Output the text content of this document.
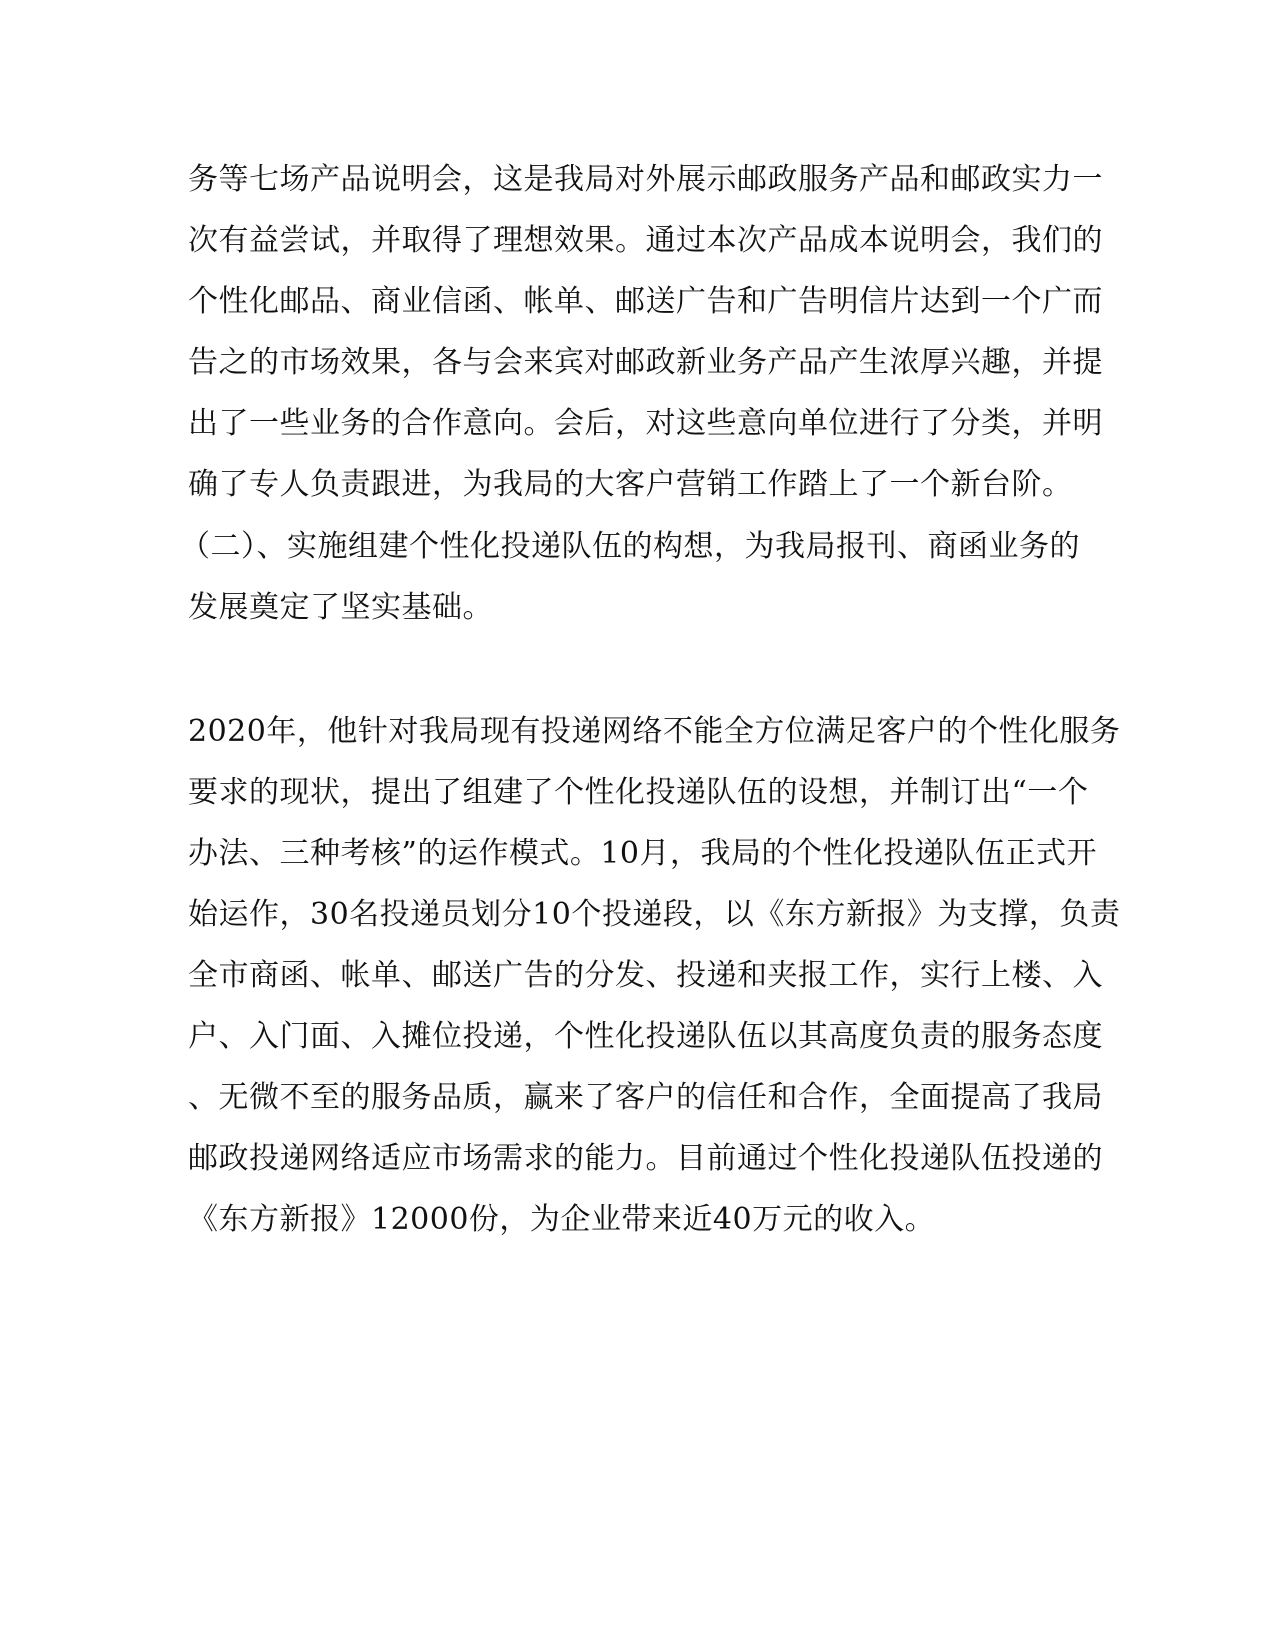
务等七场产品说明会，这是我局对外展示邮政服务产品和邮政实力一
次有益尝试，并取得了理想效果。通过本次产品成本说明会，我们的
个性化邮品、商业信函、帐单、邮送广告和广告明信片达到一个广而
告之的市场效果，各与会来宾对邮政新业务产品产生浓厚兴趣，并提
出了一些业务的合作意向。会后，对这些意向单位进行了分类，并明
确了专人负责跟进，为我局的大客户营销工作踏上了一个新台阶。
（二）、实施组建个性化投递队伍的构想，为我局报刊、商函业务的
发展奠定了坚实基础。
2020年，他针对我局现有投递网络不能全方位满足客户的个性化服务
要求的现状，提出了组建了个性化投递队伍的设想，并制订出“一个
办法、三种考核”的运作模式。10月，我局的个性化投递队伍正式开
始运作，30名投递员划分10个投递段，以《东方新报》为支撑，负责
全市商函、帐单、邮送广告的分发、投递和夹报工作，实行上楼、入
户、入门面、入摊位投递，个性化投递队伍以其高度负责的服务态度
、无微不至的服务品质，赢来了客户的信任和合作，全面提高了我局
邮政投递网络适应市场需求的能力。目前通过个性化投递队伍投递的
《东方新报》12000份，为企业带来近40万元的收入。
